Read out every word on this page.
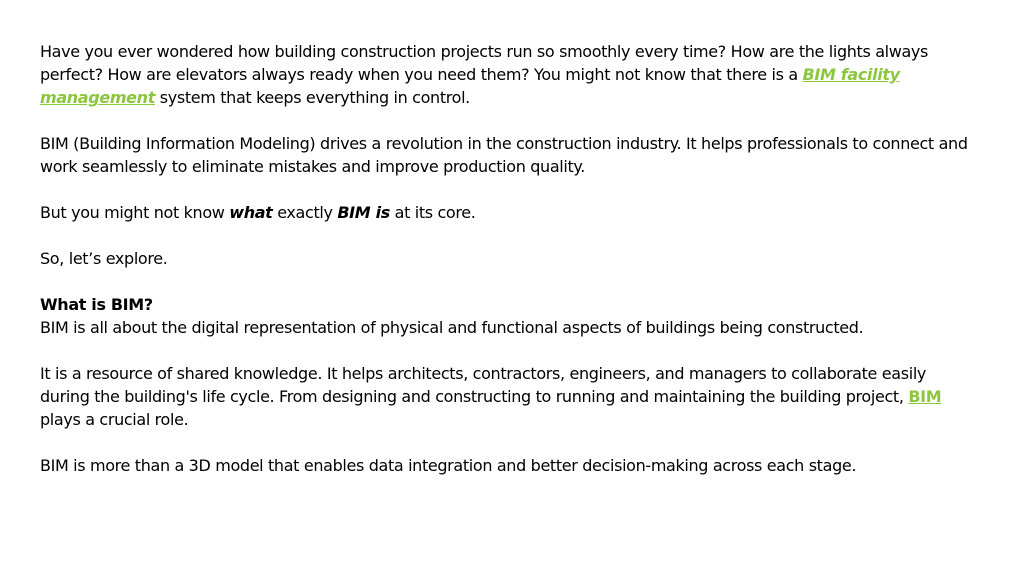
Have you ever wondered how building construction projects run so smoothly every time? How are the lights always perfect? How are elevators always ready when you need them? You might not know that there is a BIM facility management system that keeps everything in control.

BIM (Building Information Modeling) drives a revolution in the construction industry. It helps professionals to connect and work seamlessly to eliminate mistakes and improve production quality.

But you might not know what exactly BIM is at its core.

So, let’s explore.

What is BIM?

BIM is all about the digital representation of physical and functional aspects of buildings being constructed.

It is a resource of shared knowledge. It helps architects, contractors, engineers, and managers to collaborate easily during the building's life cycle. From designing and constructing to running and maintaining the building project, BIM plays a crucial role.

BIM is more than a 3D model that enables data integration and better decision-making across each stage.
